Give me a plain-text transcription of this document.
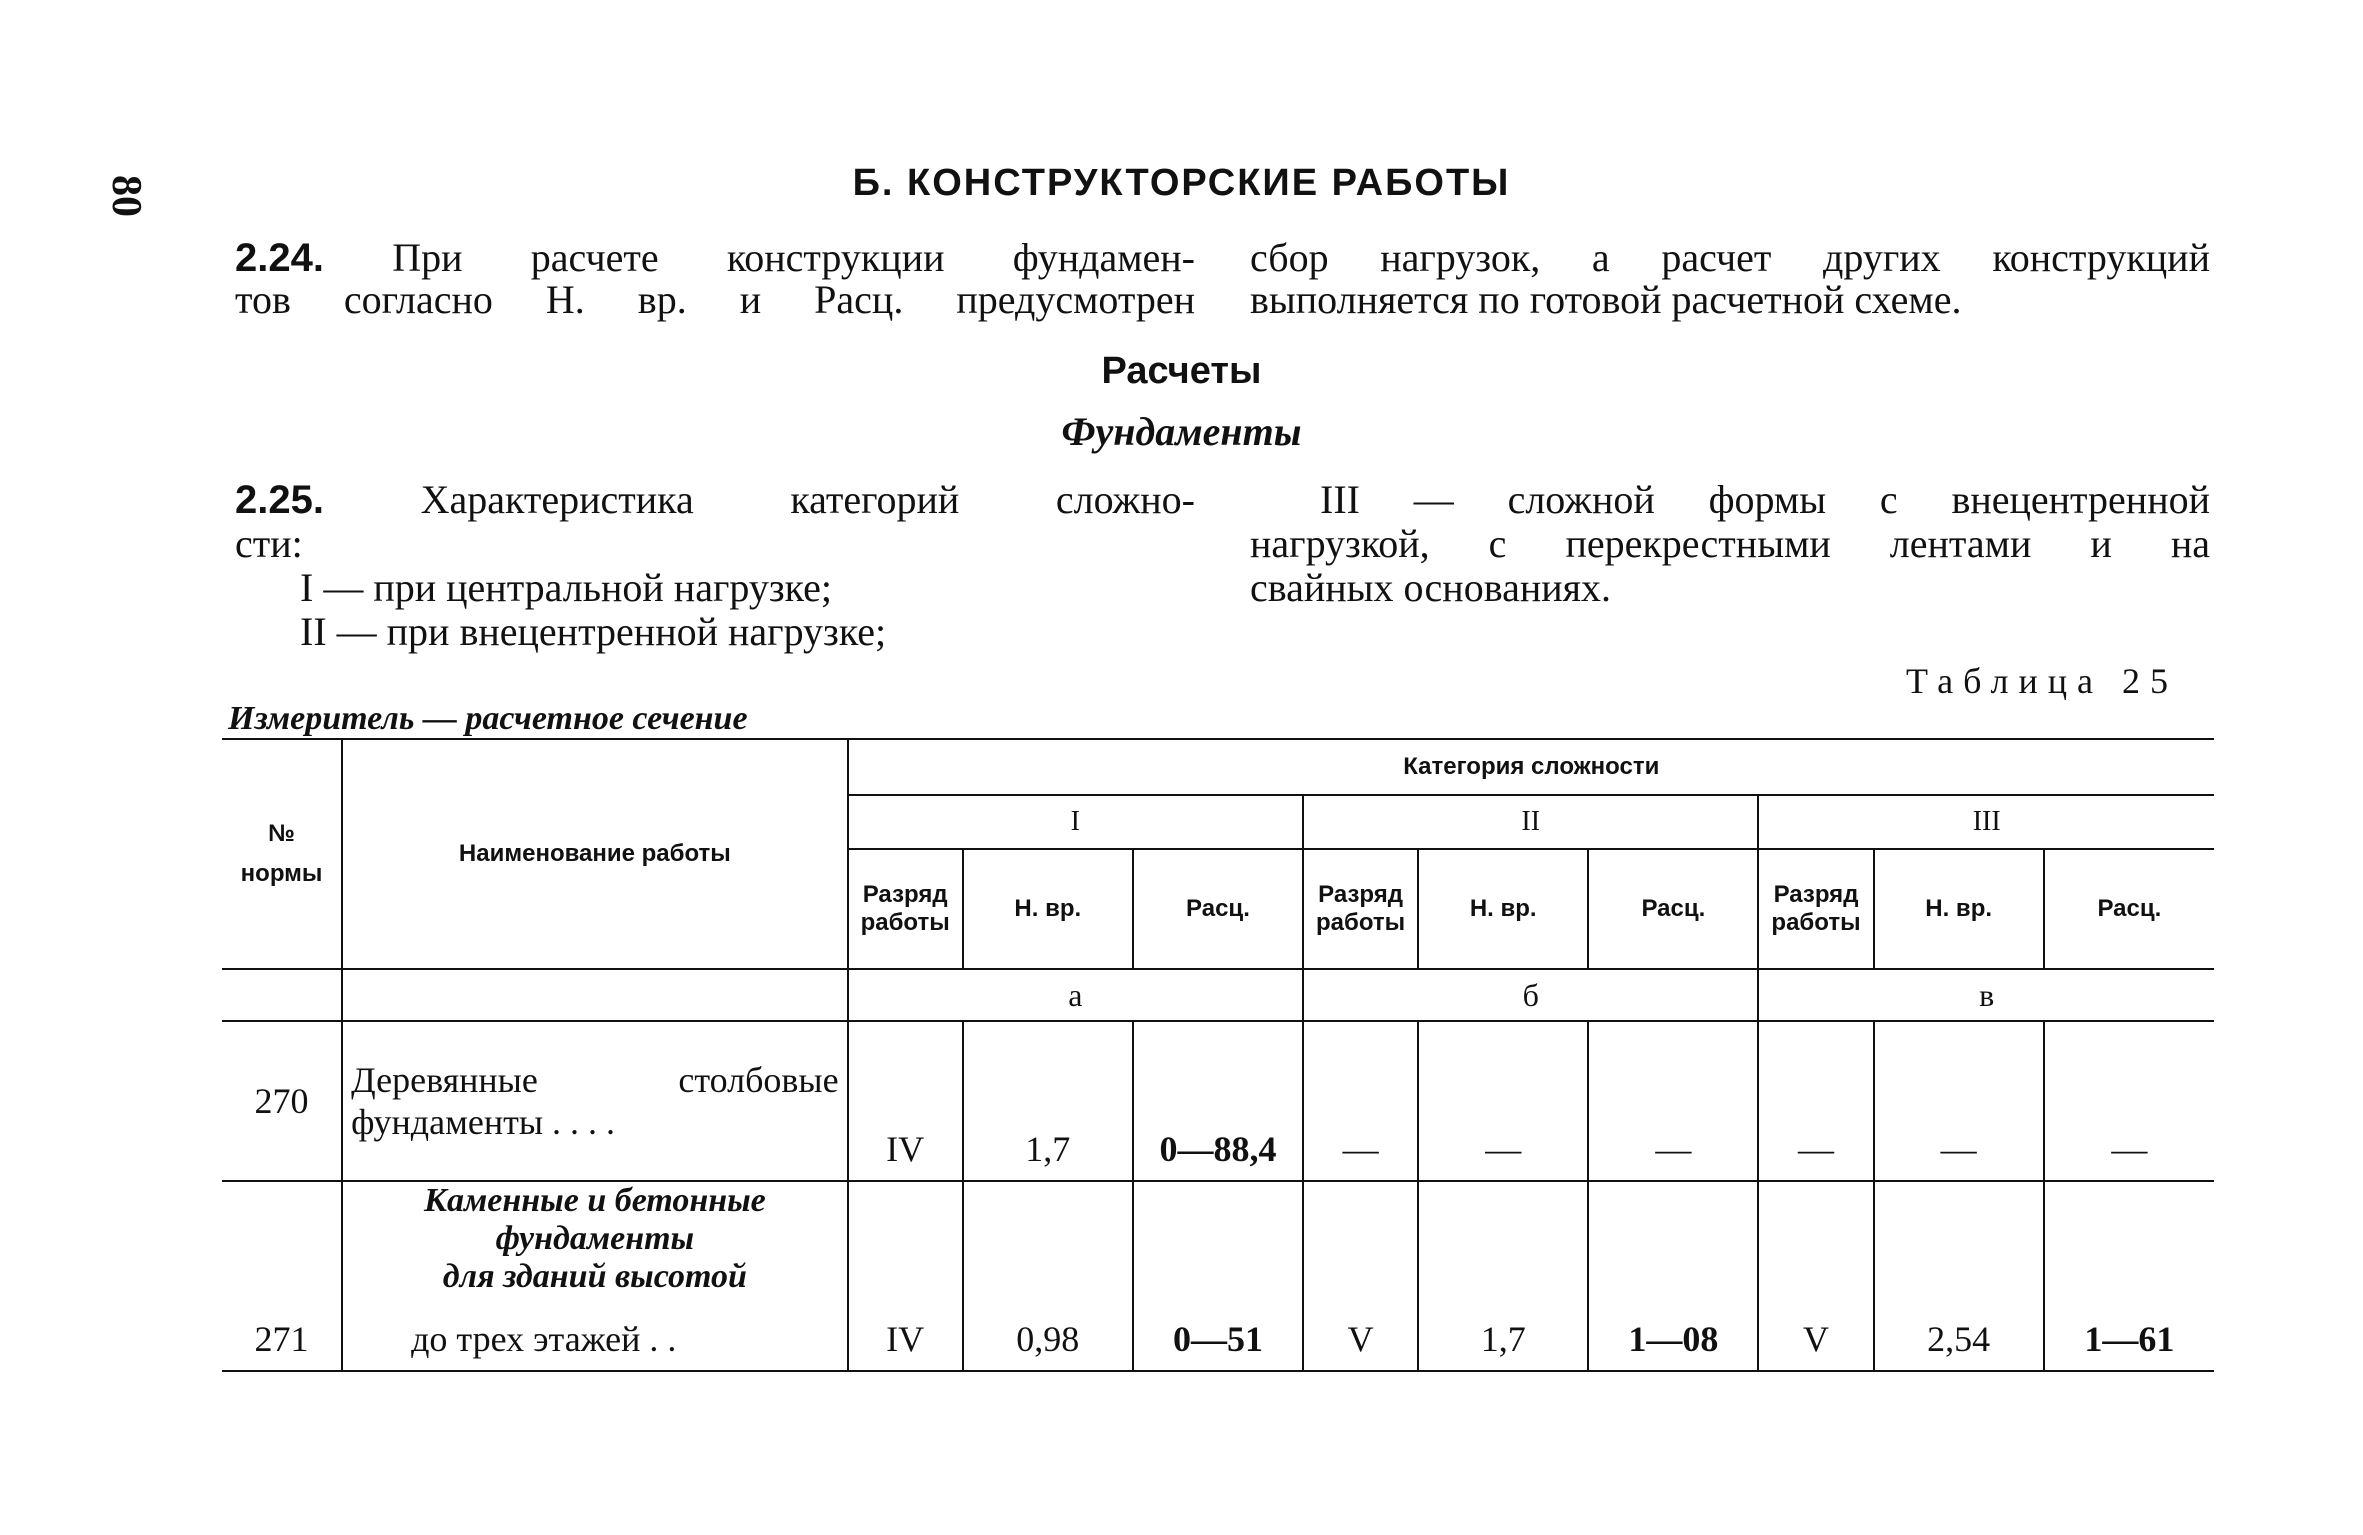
80	Б. КОНСТРУКТОРСКИЕ РАБОТЫ
2.24. При расчете конструкции фундамен-
тов согласно Н. вр. и Расц. предусмотрен
сбор нагрузок, а расчет других конструкций
выполняется по готовой расчетной схеме.
Расчеты
Фундаменты
2.25. Характеристика категорий сложно-
сти:
I — при центральной нагрузке;
II — при внецентренной нагрузке;
III — сложной формы с внецентренной
нагрузкой, с перекрестными лентами и на
свайных основаниях.
Таблица 25
Измеритель — расчетное сечение
№
нормы	Наименование работы	Категория сложности								
		I			II			III		
		Разряд работы	Н. вр.	Расц.	Разряд работы	Н. вр.	Расц.	Разряд работы	Н. вр.	Расц.
		а			б			в		
270	Деревянные столбовые фундаменты . . . .	IV	1,7	0—88,4	—	—	—	—	—	—
271	Каменные и бетонные
фундаменты
для зданий высотой
до трех этажей . .	IV	0,98	0—51	V	1,7	1—08	V	2,54	1—61
